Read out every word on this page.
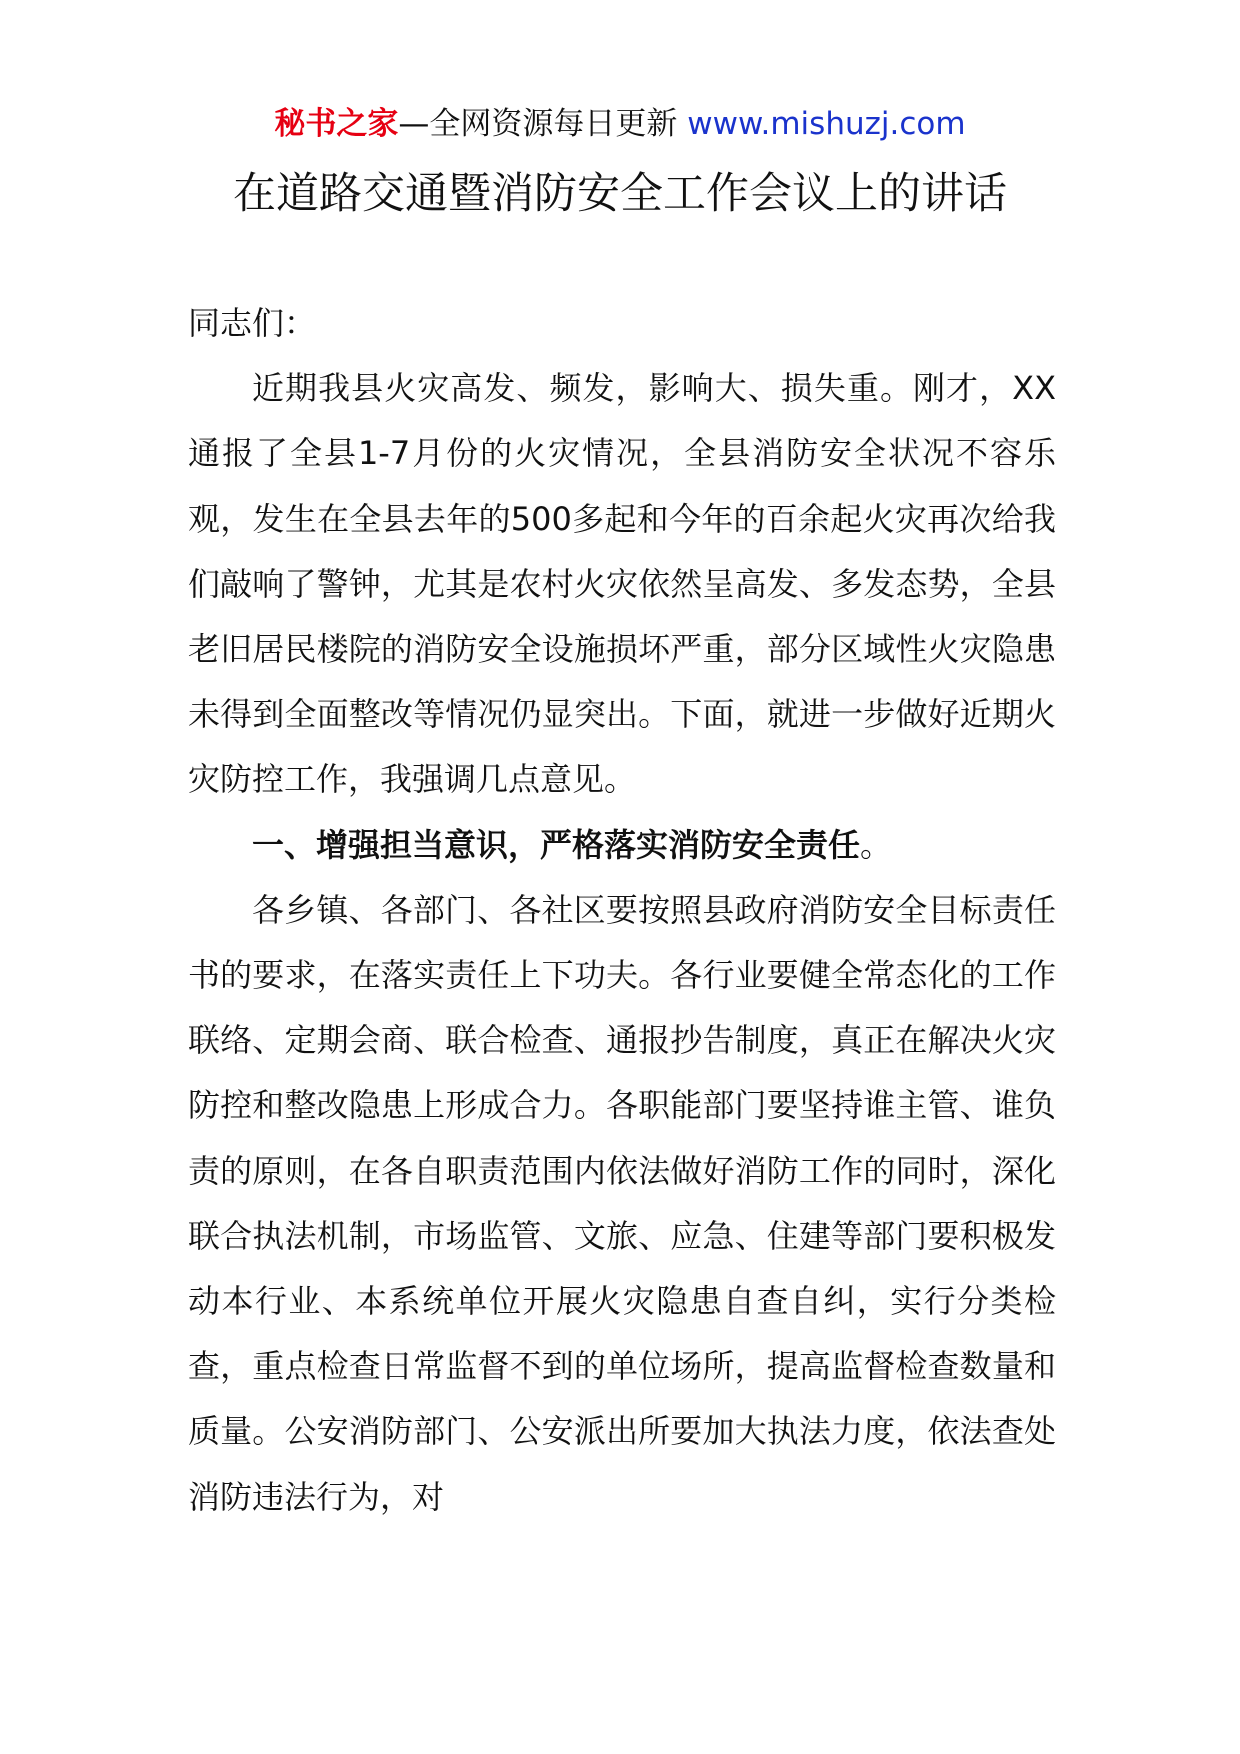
秘书之家—全网资源每日更新 www.mishuzj.com
在道路交通暨消防安全工作会议上的讲话

同志们：

近期我县火灾高发、频发，影响大、损失重。刚才，XX通报了全县1-7月份的火灾情况，全县消防安全状况不容乐观，发生在全县去年的500多起和今年的百余起火灾再次给我们敲响了警钟，尤其是农村火灾依然呈高发、多发态势，全县老旧居民楼院的消防安全设施损坏严重，部分区域性火灾隐患未得到全面整改等情况仍显突出。下面，就进一步做好近期火灾防控工作，我强调几点意见。

一、增强担当意识，严格落实消防安全责任。

各乡镇、各部门、各社区要按照县政府消防安全目标责任书的要求，在落实责任上下功夫。各行业要健全常态化的工作联络、定期会商、联合检查、通报抄告制度，真正在解决火灾防控和整改隐患上形成合力。各职能部门要坚持谁主管、谁负责的原则，在各自职责范围内依法做好消防工作的同时，深化联合执法机制，市场监管、文旅、应急、住建等部门要积极发动本行业、本系统单位开展火灾隐患自查自纠，实行分类检查，重点检查日常监督不到的单位场所，提高监督检查数量和质量。公安消防部门、公安派出所要加大执法力度，依法查处消防违法行为，对
